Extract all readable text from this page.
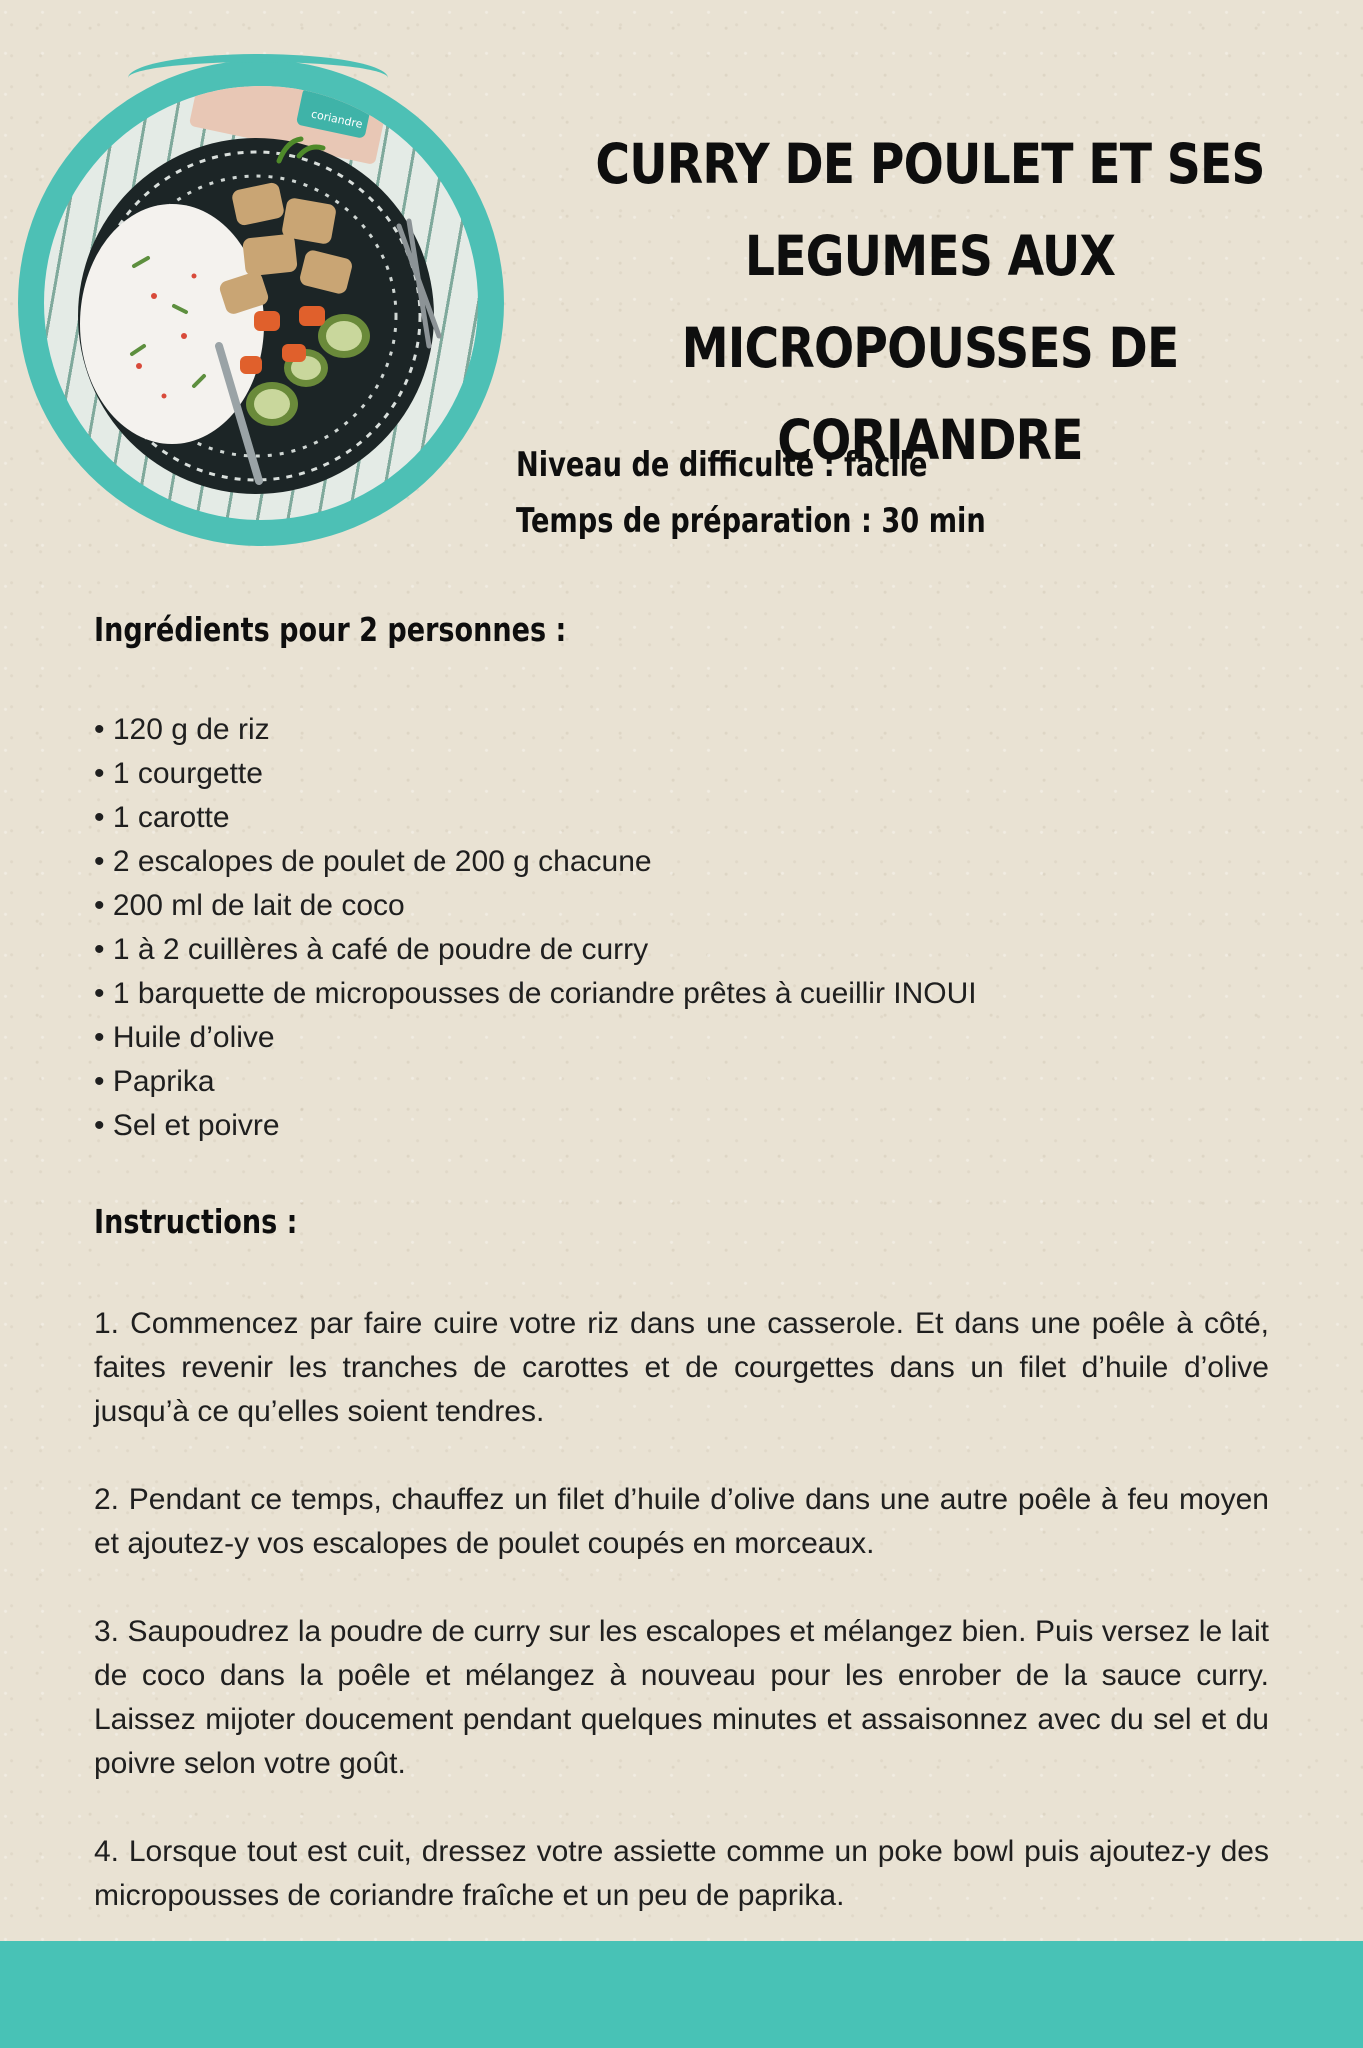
coriandre
CURRY DE POULET ET SES LEGUMES AUX MICROPOUSSES DE CORIANDRE
Niveau de difficulté : facile
Temps de préparation : 30 min
Ingrédients pour 2 personnes :
• 120 g de riz
• 1 courgette
• 1 carotte
• 2 escalopes de poulet de 200 g chacune
• 200 ml de lait de coco
• 1 à 2 cuillères à café de poudre de curry
• 1 barquette de micropousses de coriandre prêtes à cueillir INOUI
• Huile d’olive
• Paprika
• Sel et poivre
Instructions :

1. Commencez par faire cuire votre riz dans une casserole. Et dans une poêle à côté, faites revenir les tranches de carottes et de courgettes dans un filet d’huile d’olive jusqu’à ce qu’elles soient tendres.

2. Pendant ce temps, chauffez un filet d’huile d’olive dans une autre poêle à feu moyen et ajoutez-y vos escalopes de poulet coupés en morceaux.

3. Saupoudrez la poudre de curry sur les escalopes et mélangez bien. Puis versez le lait de coco dans la poêle et mélangez à nouveau pour les enrober de la sauce curry. Laissez mijoter doucement pendant quelques minutes et assaisonnez avec du sel et du poivre selon votre goût.

4. Lorsque tout est cuit, dressez votre assiette comme un poke bowl puis ajoutez-y des micropousses de coriandre fraîche et un peu de paprika.
